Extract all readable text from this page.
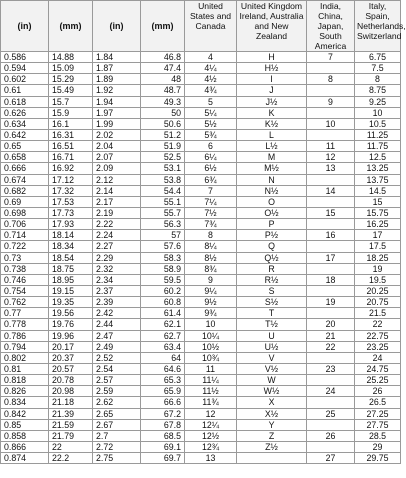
(in)	(mm)	(in)	(mm)	United States and Canada	United Kingdom Ireland, Australia and New Zealand	India, China, Japan, South America	Italy, Spain, Netherlands, Switzerland
0.586	14.88	1.84	46.8	4	H	7	6.75
0.594	15.09	1.87	47.4	4¼	H½		7.5
0.602	15.29	1.89	48	4½	I	8	8
0.61	15.49	1.92	48.7	4¾	J		8.75
0.618	15.7	1.94	49.3	5	J½	9	9.25
0.626	15.9	1.97	50	5¼	K		10
0.634	16.1	1.99	50.6	5½	K½	10	10.5
0.642	16.31	2.02	51.2	5¾	L		11.25
0.65	16.51	2.04	51.9	6	L½	11	11.75
0.658	16.71	2.07	52.5	6¼	M	12	12.5
0.666	16.92	2.09	53.1	6½	M½	13	13.25
0.674	17.12	2.12	53.8	6¾	N		13.75
0.682	17.32	2.14	54.4	7	N½	14	14.5
0.69	17.53	2.17	55.1	7¼	O		15
0.698	17.73	2.19	55.7	7½	O½	15	15.75
0.706	17.93	2.22	56.3	7¾	P		16.25
0.714	18.14	2.24	57	8	P½	16	17
0.722	18.34	2.27	57.6	8¼	Q		17.5
0.73	18.54	2.29	58.3	8½	Q½	17	18.25
0.738	18.75	2.32	58.9	8¾	R		19
0.746	18.95	2.34	59.5	9	R½	18	19.5
0.754	19.15	2.37	60.2	9¼	S		20.25
0.762	19.35	2.39	60.8	9½	S½	19	20.75
0.77	19.56	2.42	61.4	9¾	T		21.5
0.778	19.76	2.44	62.1	10	T½	20	22
0.786	19.96	2.47	62.7	10¼	U	21	22.75
0.794	20.17	2.49	63.4	10½	U½	22	23.25
0.802	20.37	2.52	64	10¾	V		24
0.81	20.57	2.54	64.6	11	V½	23	24.75
0.818	20.78	2.57	65.3	11¼	W		25.25
0.826	20.98	2.59	65.9	11½	W½	24	26
0.834	21.18	2.62	66.6	11¾	X		26.5
0.842	21.39	2.65	67.2	12	X½	25	27.25
0.85	21.59	2.67	67.8	12¼	Y		27.75
0.858	21.79	2.7	68.5	12½	Z	26	28.5
0.866	22	2.72	69.1	12¾	Z½		29
0.874	22.2	2.75	69.7	13		27	29.75
